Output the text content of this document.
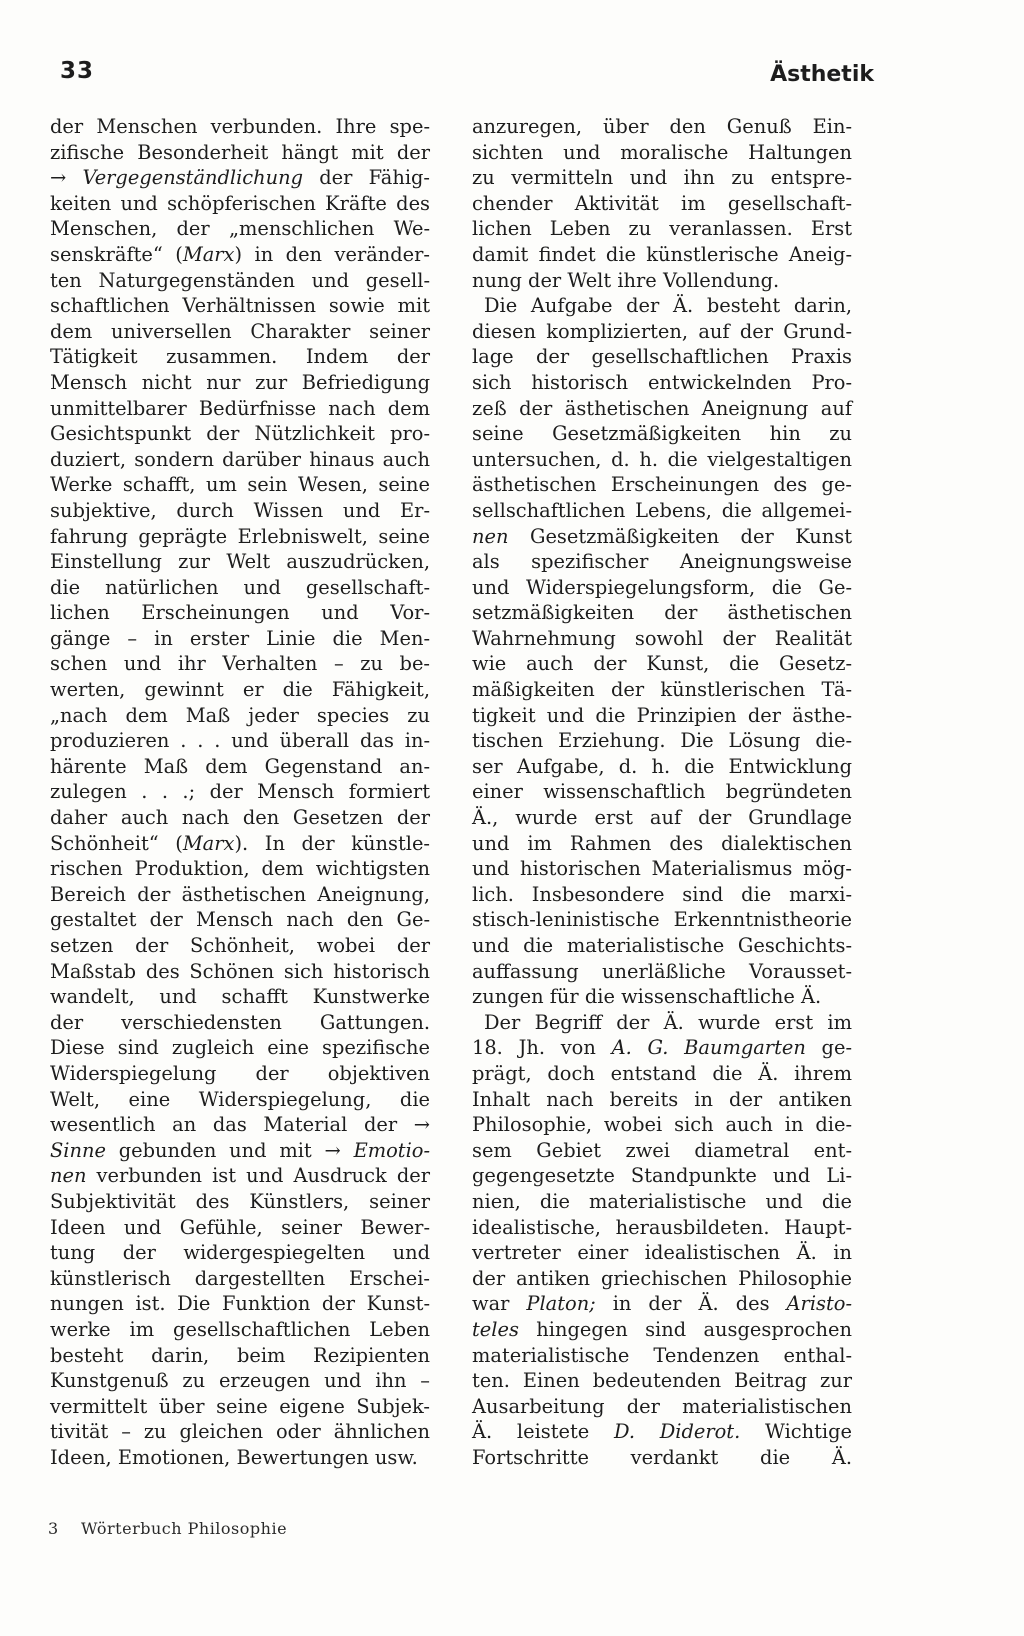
33	Ästhetik
der Menschen verbunden. Ihre spe-
zifische Besonderheit hängt mit der
→ Vergegenständlichung der Fähig-
keiten und schöpferischen Kräfte des
Menschen, der „menschlichen We-
senskräfte“ (Marx) in den veränder-
ten Naturgegenständen und gesell-
schaftlichen Verhältnissen sowie mit
dem universellen Charakter seiner
Tätigkeit zusammen. Indem der
Mensch nicht nur zur Befriedigung
unmittelbarer Bedürfnisse nach dem
Gesichtspunkt der Nützlichkeit pro-
duziert, sondern darüber hinaus auch
Werke schafft, um sein Wesen, seine
subjektive, durch Wissen und Er-
fahrung geprägte Erlebniswelt, seine
Einstellung zur Welt auszudrücken,
die natürlichen und gesellschaft-
lichen Erscheinungen und Vor-
gänge – in erster Linie die Men-
schen und ihr Verhalten – zu be-
werten, gewinnt er die Fähigkeit,
„nach dem Maß jeder species zu
produzieren . . . und überall das in-
härente Maß dem Gegenstand an-
zulegen . . .; der Mensch formiert
daher auch nach den Gesetzen der
Schönheit“ (Marx). In der künstle-
rischen Produktion, dem wichtigsten
Bereich der ästhetischen Aneignung,
gestaltet der Mensch nach den Ge-
setzen der Schönheit, wobei der
Maßstab des Schönen sich historisch
wandelt, und schafft Kunstwerke
der verschiedensten Gattungen.
Diese sind zugleich eine spezifische
Widerspiegelung der objektiven
Welt, eine Widerspiegelung, die
wesentlich an das Material der →
Sinne gebunden und mit → Emotio-
nen verbunden ist und Ausdruck der
Subjektivität des Künstlers, seiner
Ideen und Gefühle, seiner Bewer-
tung der widergespiegelten und
künstlerisch dargestellten Erschei-
nungen ist. Die Funktion der Kunst-
werke im gesellschaftlichen Leben
besteht darin, beim Rezipienten
Kunstgenuß zu erzeugen und ihn –
vermittelt über seine eigene Subjek-
tivität – zu gleichen oder ähnlichen
Ideen, Emotionen, Bewertungen usw.
anzuregen, über den Genuß Ein-
sichten und moralische Haltungen
zu vermitteln und ihn zu entspre-
chender Aktivität im gesellschaft-
lichen Leben zu veranlassen. Erst
damit findet die künstlerische Aneig-
nung der Welt ihre Vollendung.
Die Aufgabe der Ä. besteht darin,
diesen komplizierten, auf der Grund-
lage der gesellschaftlichen Praxis
sich historisch entwickelnden Pro-
zeß der ästhetischen Aneignung auf
seine Gesetzmäßigkeiten hin zu
untersuchen, d. h. die vielgestaltigen
ästhetischen Erscheinungen des ge-
sellschaftlichen Lebens, die allgemei-
nen Gesetzmäßigkeiten der Kunst
als spezifischer Aneignungsweise
und Widerspiegelungsform, die Ge-
setzmäßigkeiten der ästhetischen
Wahrnehmung sowohl der Realität
wie auch der Kunst, die Gesetz-
mäßigkeiten der künstlerischen Tä-
tigkeit und die Prinzipien der ästhe-
tischen Erziehung. Die Lösung die-
ser Aufgabe, d. h. die Entwicklung
einer wissenschaftlich begründeten
Ä., wurde erst auf der Grundlage
und im Rahmen des dialektischen
und historischen Materialismus mög-
lich. Insbesondere sind die marxi-
stisch-leninistische Erkenntnistheorie
und die materialistische Geschichts-
auffassung unerläßliche Vorausset-
zungen für die wissenschaftliche Ä.
Der Begriff der Ä. wurde erst im
18. Jh. von A. G. Baumgarten ge-
prägt, doch entstand die Ä. ihrem
Inhalt nach bereits in der antiken
Philosophie, wobei sich auch in die-
sem Gebiet zwei diametral ent-
gegengesetzte Standpunkte und Li-
nien, die materialistische und die
idealistische, herausbildeten. Haupt-
vertreter einer idealistischen Ä. in
der antiken griechischen Philosophie
war Platon; in der Ä. des Aristo-
teles hingegen sind ausgesprochen
materialistische Tendenzen enthal-
ten. Einen bedeutenden Beitrag zur
Ausarbeitung der materialistischen
Ä. leistete D. Diderot. Wichtige
Fortschritte verdankt die Ä.
3 Wörterbuch Philosophie
